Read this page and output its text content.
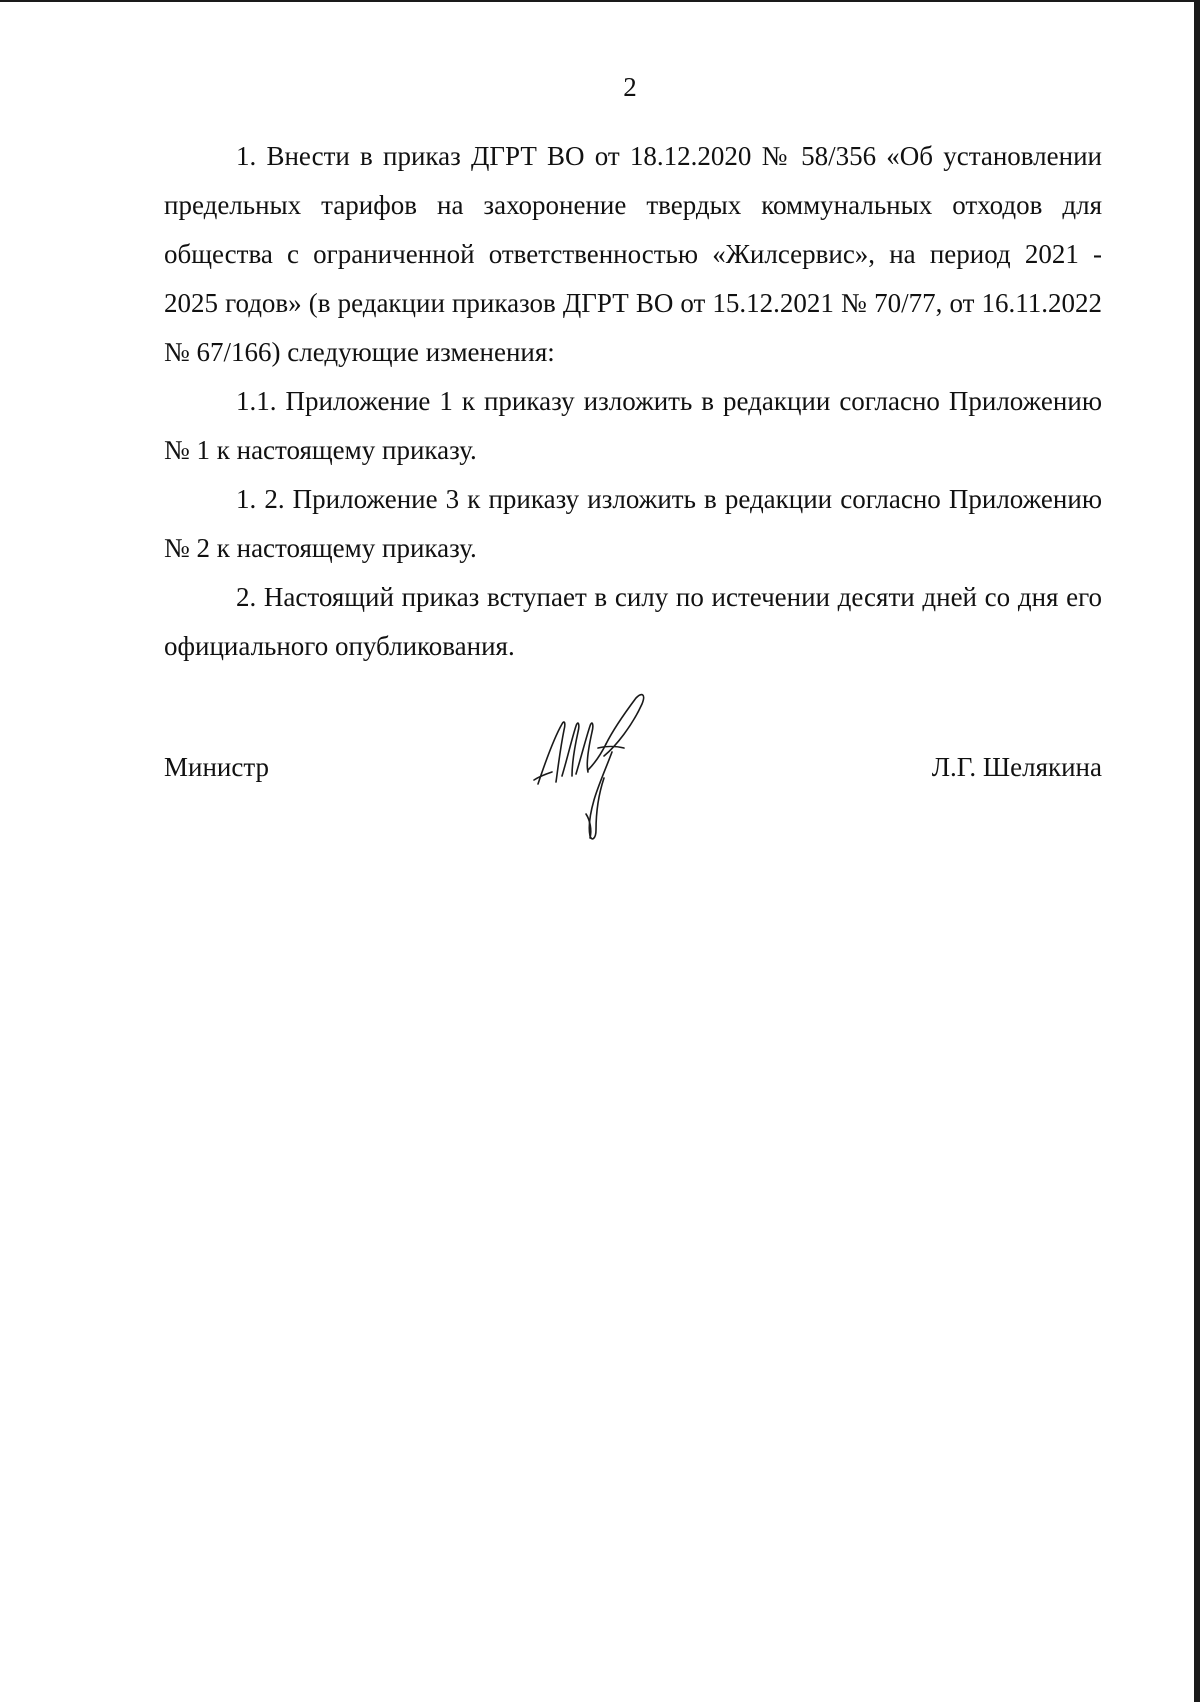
2

1. Внести в приказ ДГРТ ВО от 18.12.2020 № 58/356 «Об установлении предельных тарифов на захоронение твердых коммунальных отходов для общества с ограниченной ответственностью «Жилсервис», на период 2021 - 2025 годов» (в редакции приказов ДГРТ ВО от 15.12.2021 № 70/77, от 16.11.2022 № 67/166) следующие изменения:

1.1. Приложение 1 к приказу изложить в редакции согласно Приложению № 1 к настоящему приказу.

1. 2. Приложение 3 к приказу изложить в редакции согласно Приложению № 2 к настоящему приказу.

2. Настоящий приказ вступает в силу по истечении десяти дней со дня его официального опубликования.

Министр	Л.Г. Шелякина
